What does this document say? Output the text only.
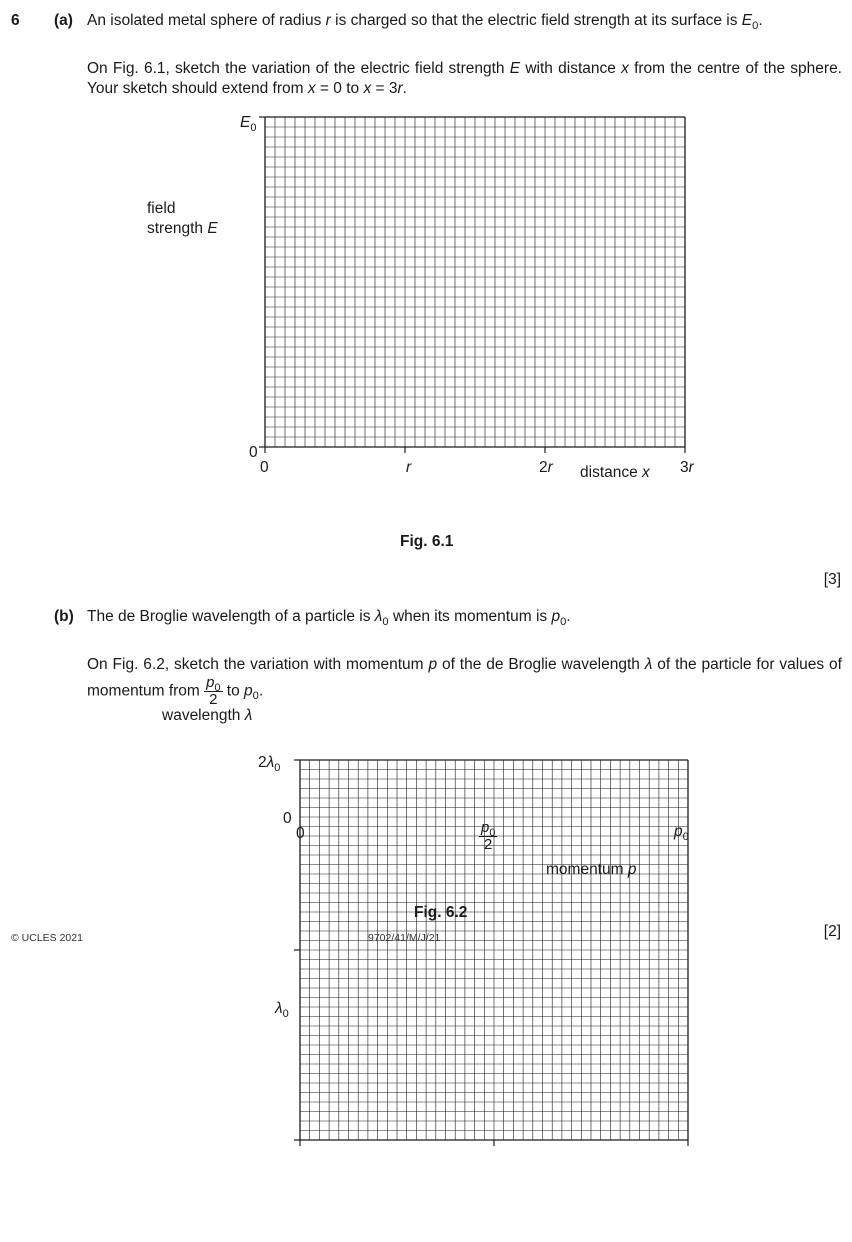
6 (a) An isolated metal sphere of radius r is charged so that the electric field strength at its surface is $E_0$.
On Fig. 6.1, sketch the variation of the electric field strength E with distance x from the centre of the sphere. Your sketch should extend from x = 0 to x = 3r.
field
strength E
$E_0$
0
0	r	2r	3r
distance x
Fig. 6.1
[3]
(b) The de Broglie wavelength of a particle is $\lambda_0$ when its momentum is $p_0$.
On Fig. 6.2, sketch the variation with momentum p of the de Broglie wavelength λ of the particle for values of momentum from $\frac{p_0}{2}$ to $p_0$.
wavelength λ
$2\lambda_0$
$\lambda_0$
0
0	$\frac{p_0}{2}$	$p_0$
momentum p
Fig. 6.2
[2]
© UCLES 2021	9702/41/M/J/21
